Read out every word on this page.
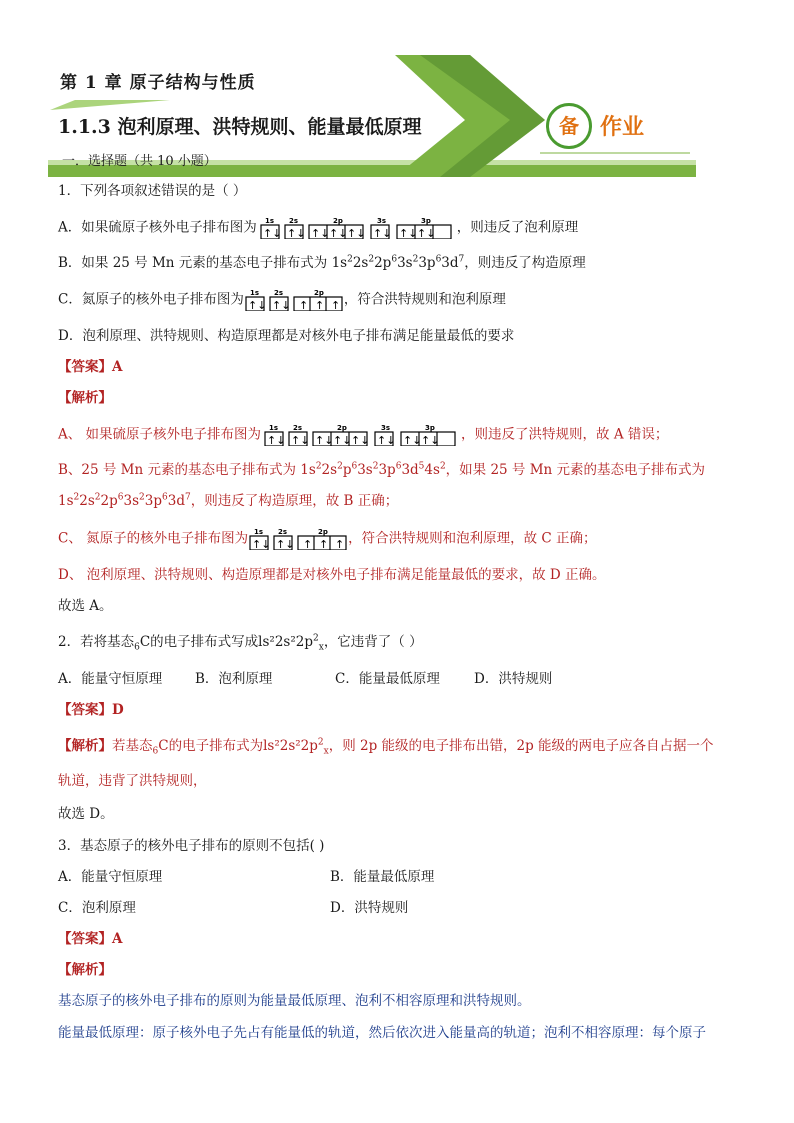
第 1 章 原子结构与性质
1.1.3 泡利原理、洪特规则、能量最低原理	备 作业
一．选择题（共 10 小题）
1．下列各项叙述错误的是（ ）
A．如果硫原子核外电子排布图为 1s 2s	2p	3s	3p
↑↓ ↑↓ ↑↓ ↑↓ ↑↓ ↑↓ ↑↓ ↑↓ ，则违反了泡利原理
B．如果 25 号 Mn 元素的基态电子排布式为 $1s^22s^22p^63s^23p^63d^7$，则违反了构造原理
C．氮原子的核外电子排布图为 1s 2s	2p
↑↓ ↑↓ ↑ ↑ ↑ ，符合洪特规则和泡利原理
D．泡利原理、洪特规则、构造原理都是对核外电子排布满足能量最低的要求
【答案】A
【解析】
A、 如果硫原子核外电子排布图为 1s 2s	2p	3s	3p
↑↓ ↑↓ ↑↓ ↑↓ ↑↓ ↑↓ ↑↓ ↑↓ ，则违反了洪特规则，故 A 错误；
B、25 号 Mn 元素的基态电子排布式为 $1s^22s^2p^63s^23p^63d^54s^2$，如果 25 号 Mn 元素的基态电子排布式为
$1s^22s^22p^63s^23p^63d^7$，则违反了构造原理，故 B 正确；
C、 氮原子的核外电子排布图为 1s 2s	2p
↑↓ ↑↓ ↑ ↑ ↑ ，符合洪特规则和泡利原理，故 C 正确；
D、 泡利原理、洪特规则、构造原理都是对核外电子排布满足能量最低的要求，故 D 正确。
故选 A。
2．若将基态$_6$C的电子排布式写成$ls^22s^22p^2_x$，它违背了（ ）
A．能量守恒原理 B．泡利原理	C．能量最低原理	D．洪特规则
【答案】D
【解析】若基态$_6$C的电子排布式为$ls^22s^22p^2_x$，则 2p 能级的电子排布出错，2p 能级的两电子应各自占据一个
轨道，违背了洪特规则，
故选 D。
3．基态原子的核外电子排布的原则不包括( )
A．能量守恒原理	B．能量最低原理
C．泡利原理	D．洪特规则
【答案】A
【解析】
基态原子的核外电子排布的原则为能量最低原理、泡利不相容原理和洪特规则。
能量最低原理：原子核外电子先占有能量低的轨道，然后依次进入能量高的轨道；泡利不相容原理：每个原子
